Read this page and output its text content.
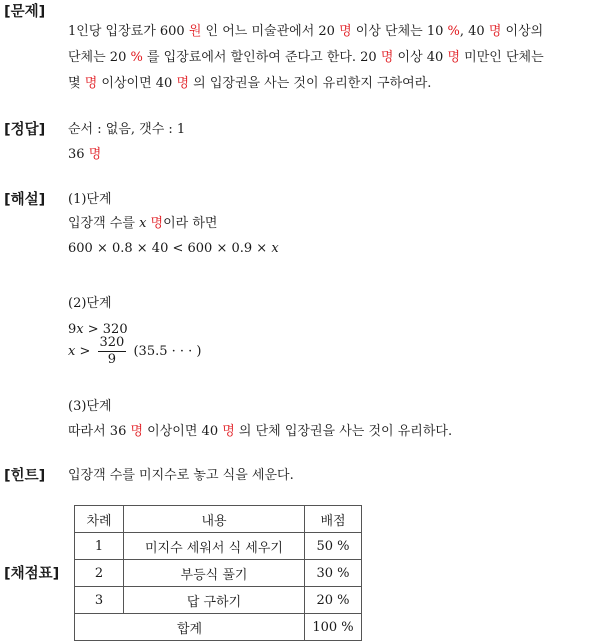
[문제]
[정답]
[해설]
[힌트]
[채점표]
1인당 입장료가 600 원 인 어느 미술관에서 20 명 이상 단체는 10 %, 40 명 이상의
단체는 20 % 를 입장료에서 할인하여 준다고 한다. 20 명 이상 40 명 미만인 단체는
몇 명 이상이면 40 명 의 입장권을 사는 것이 유리한지 구하여라.
순서 : 없음, 갯수 : 1
36 명
(1)단계
입장객 수를 x 명이라 하면
600 × 0.8 × 40 < 600 × 0.9 × x
(2)단계
9x > 320
$x > \frac{320}{9} (35.5$ · · · )
(3)단계
따라서 36 명 이상이면 40 명 의 단체 입장권을 사는 것이 유리하다.
입장객 수를 미지수로 놓고 식을 세운다.
차례	내용	배점
1	미지수 세워서 식 세우기	50 %
2	부등식 풀기	30 %
3	답 구하기	20 %
합계		100 %
